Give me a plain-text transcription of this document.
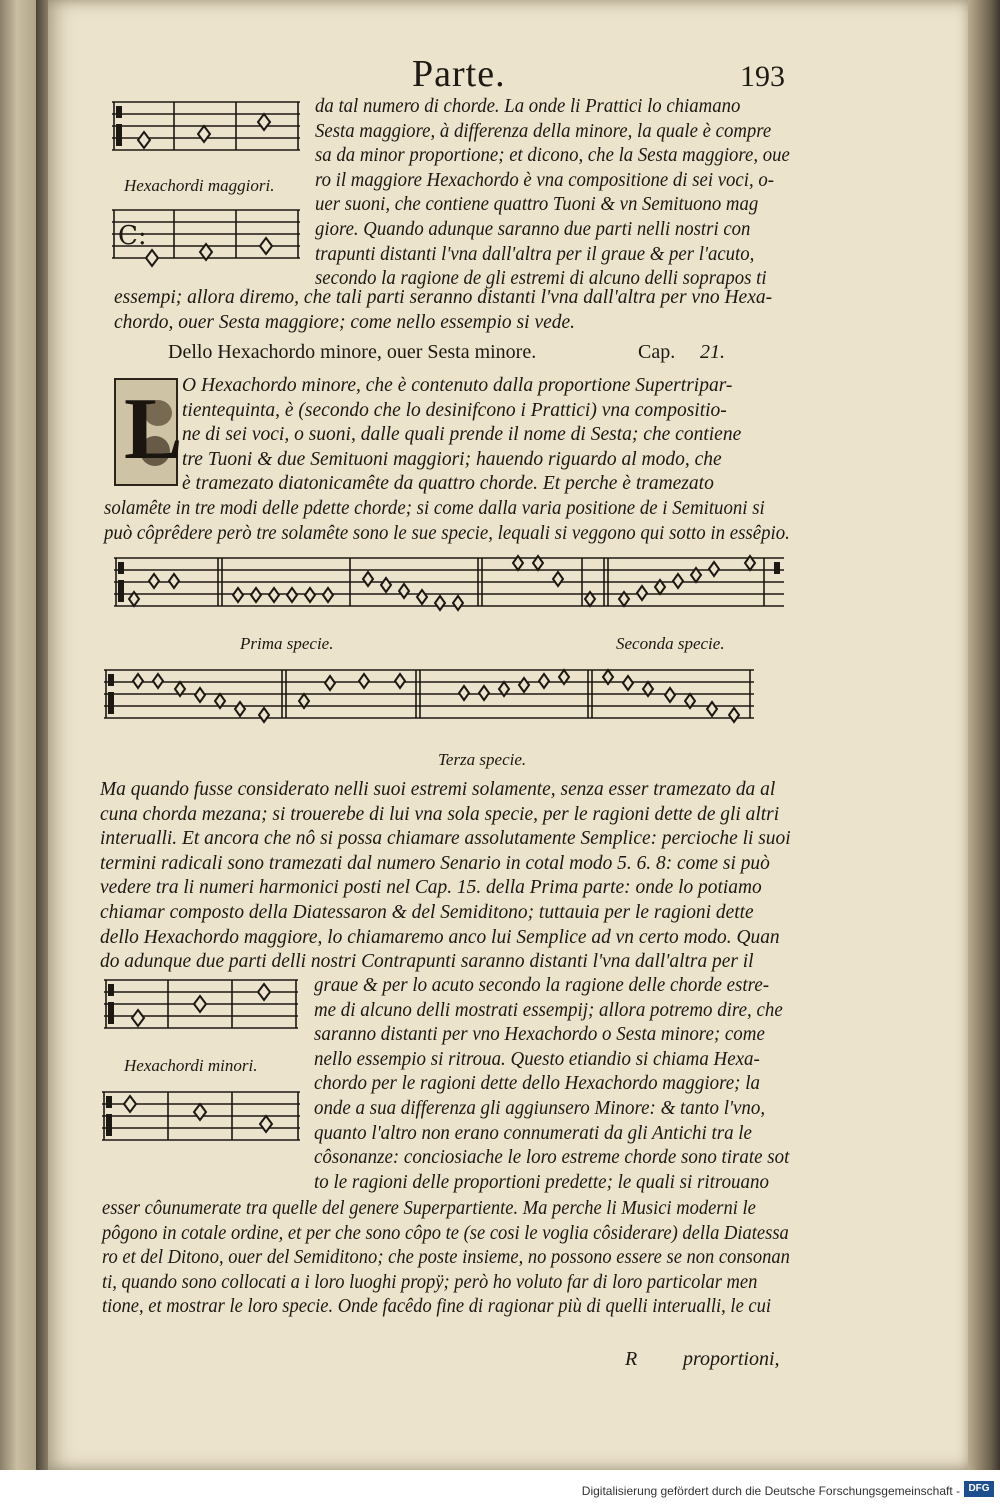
Parte.	193
Hexachordi maggiori.
C:
da tal numero di chorde. La onde li Prattici lo chiamano
Sesta maggiore, à differenza della minore, la quale è compre
sa da minor proportione; et dicono, che la Sesta maggiore, oue
ro il maggiore Hexachordo è vna compositione di sei voci, o-
uer suoni, che contiene quattro Tuoni & vn Semituono mag
giore. Quando adunque saranno due parti nelli nostri con
trapunti distanti l'vna dall'altra per il graue & per l'acuto,
secondo la ragione de gli estremi di alcuno delli soprapos ti
essempi; allora diremo, che tali parti seranno distanti l'vna dall'altra per vno Hexa-
chordo, ouer Sesta maggiore; come nello essempio si vede.
Dello Hexachordo minore, ouer Sesta minore.	Cap. 21.
L O Hexachordo minore, che è contenuto dalla proportione Supertripar-
tientequinta, è (secondo che lo desinifcono i Prattici) vna compositio-
ne di sei voci, o suoni, dalle quali prende il nome di Sesta; che contiene
tre Tuoni & due Semituoni maggiori; hauendo riguardo al modo, che
è tramezato diatonicamête da quattro chorde. Et perche è tramezato
solamête in tre modi delle pdette chorde; si come dalla varia positione de i Semituoni si
può côprêdere però tre solamête sono le sue specie, lequali si veggono qui sotto in essêpio.
Prima specie.	Seconda specie.
Terza specie.
Ma quando fusse considerato nelli suoi estremi solamente, senza esser tramezato da al
cuna chorda mezana; si trouerebe di lui vna sola specie, per le ragioni dette de gli altri
interualli. Et ancora che nô si possa chiamare assolutamente Semplice: percioche li suoi
termini radicali sono tramezati dal numero Senario in cotal modo 5. 6. 8: come si può
vedere tra li numeri harmonici posti nel Cap. 15. della Prima parte: onde lo potiamo
chiamar composto della Diatessaron & del Semiditono; tuttauia per le ragioni dette
dello Hexachordo maggiore, lo chiamaremo anco lui Semplice ad vn certo modo. Quan
do adunque due parti delli nostri Contrapunti saranno distanti l'vna dall'altra per il
Hexachordi minori.
graue & per lo acuto secondo la ragione delle chorde estre-
me di alcuno delli mostrati essempij; allora potremo dire, che
saranno distanti per vno Hexachordo o Sesta minore; come
nello essempio si ritroua. Questo etiandio si chiama Hexa-
chordo per le ragioni dette dello Hexachordo maggiore; la
onde a sua differenza gli aggiunsero Minore: & tanto l'vno,
quanto l'altro non erano connumerati da gli Antichi tra le
côsonanze: conciosiache le loro estreme chorde sono tirate sot
to le ragioni delle proportioni predette; le quali si ritrouano
esser côunumerate tra quelle del genere Superpartiente. Ma perche li Musici moderni le
pôgono in cotale ordine, et per che sono côpo te (se cosi le voglia côsiderare) della Diatessa
ro et del Ditono, ouer del Semiditono; che poste insieme, no possono essere se non consonan
ti, quando sono collocati a i loro luoghi propÿ; però ho voluto far di loro particolar men
tione, et mostrar le loro specie. Onde facêdo fine di ragionar più di quelli interualli, le cui
R proportioni,
Digitalisierung gefördert durch die Deutsche Forschungsgemeinschaft - DFG
